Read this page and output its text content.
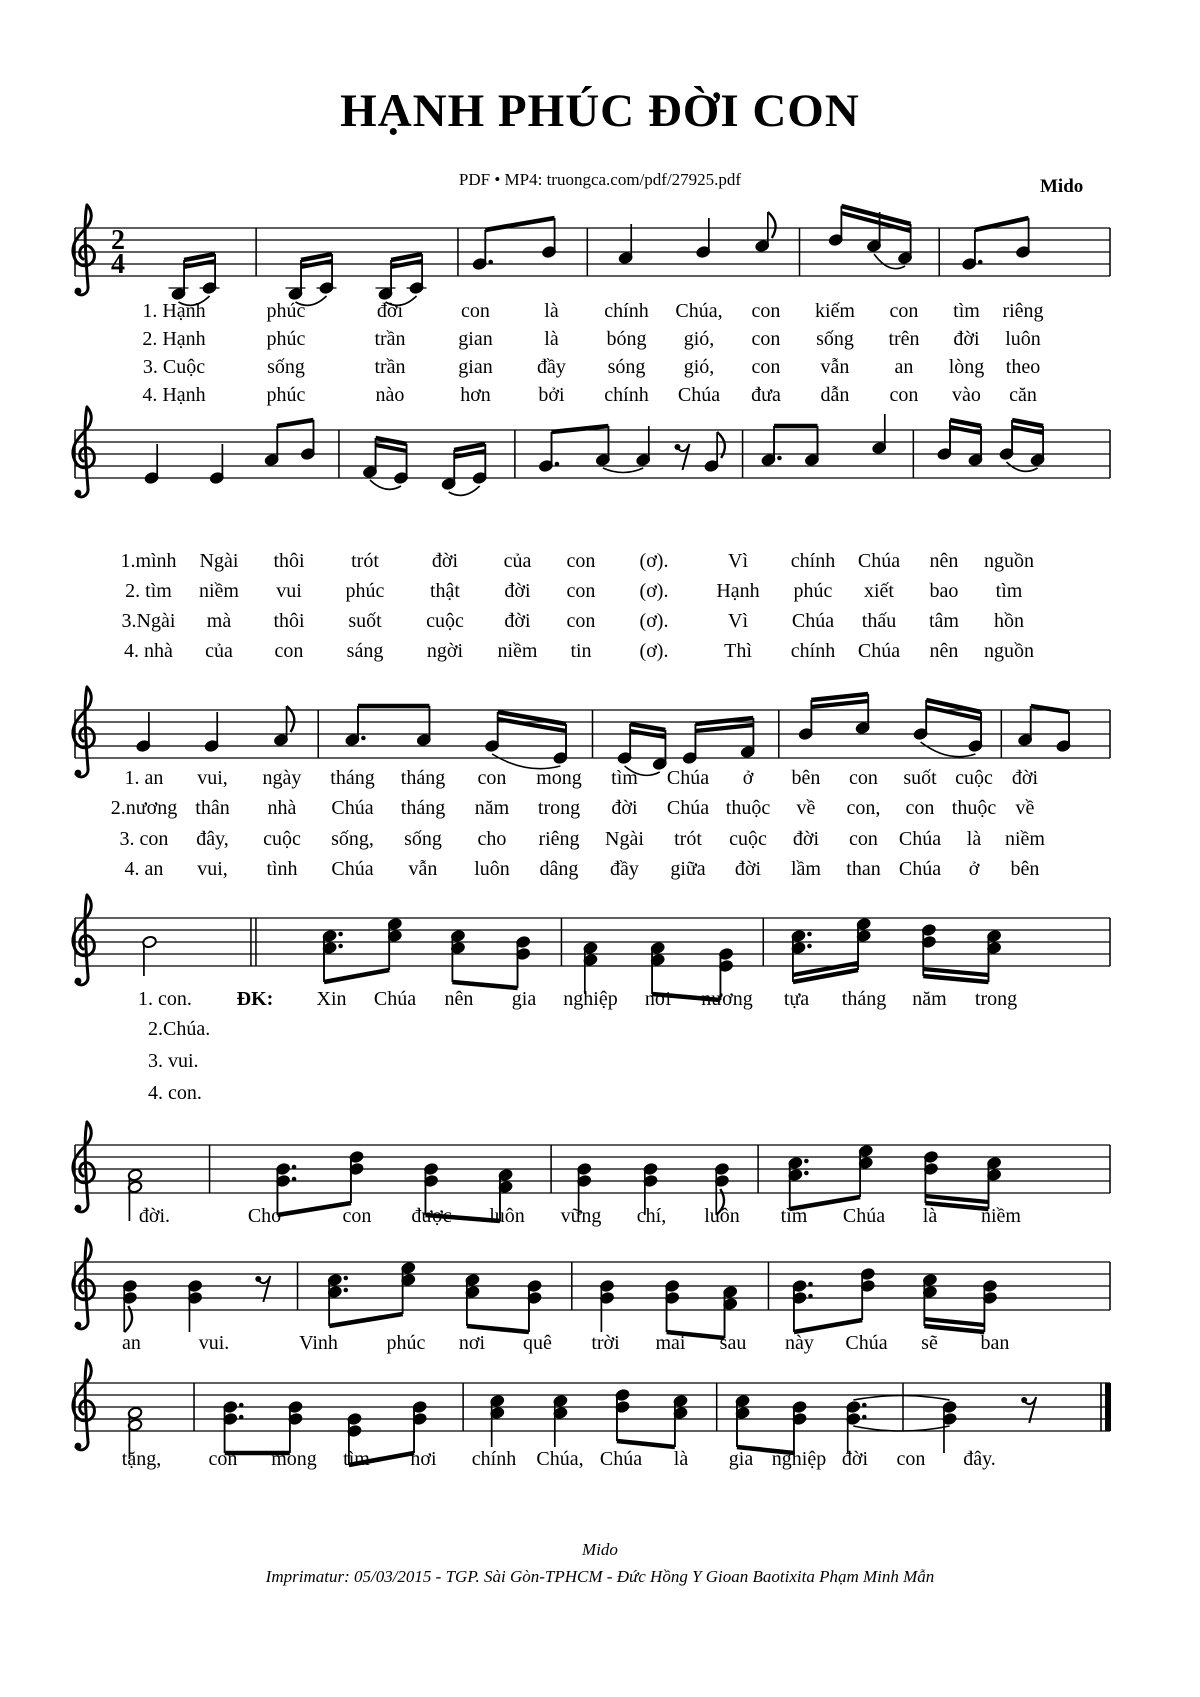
HẠNH PHÚC ĐỜI CON
PDF • MP4: truongca.com/pdf/27925.pdf	Mido
2
4
1. Hạnh	phúc	đời	con	là	chính	Chúa,	con	kiếm	con	tìm	riêng
2. Hạnh	phúc	trần	gian	là	bóng	gió,	con	sống	trên	đời	luôn
3. Cuộc	sống	trần	gian	đầy	sóng	gió,	con	vẫn	an	lòng	theo
4. Hạnh	phúc	nào	hơn	bởi	chính	Chúa	đưa	dẫn	con	vào	căn
1.mình	Ngài	thôi	trót	đời	của	con	(ơ).	Vì	chính	Chúa	nên	nguồn
2. tìm	niềm	vui	phúc	thật	đời	con	(ơ).	Hạnh	phúc	xiết	bao	tìm
3.Ngài	mà	thôi	suốt	cuộc	đời	con	(ơ).	Vì	Chúa	thấu	tâm	hồn
4. nhà	của	con	sáng	ngời	niềm	tin	(ơ).	Thì	chính	Chúa	nên	nguồn
1. an	vui,	ngày	tháng	tháng	con	mong	tìm	Chúa	ở	bên	con	suốt cuộc đời
2.nương thân	nhà	Chúa	tháng	năm	trong	đời	Chúa thuộc	về	con,	con thuộc về
3. con	đây,	cuộc	sống,	sống	cho	riêng	Ngài	trót	cuộc	đời	con	Chúa	là	niềm
4. an	vui,	tình	Chúa	vẫn	luôn	dâng	đầy	giữa	đời	lầm	than Chúa	ở	bên
1. con.	ĐK:	Xin	Chúa	nên	gia	nghiệp	nơi	nương	tựa	tháng	năm	trong
2.Chúa.
3. vui.
4. con.
đời.	Cho	con	được	luôn	vững	chí,	luôn	tìm	Chúa	là	niềm
an	vui.	Vinh	phúc	nơi	quê	trời	mai	sau	này	Chúa	sẽ	ban
tặng,	con	mong	tìm	nơi	chính	Chúa, Chúa	là	gia nghiệp đời	con	đây.
Mido
Imprimatur: 05/03/2015 - TGP. Sài Gòn-TPHCM - Đức Hồng Y Gioan Baotixita Phạm Minh Mẫn
